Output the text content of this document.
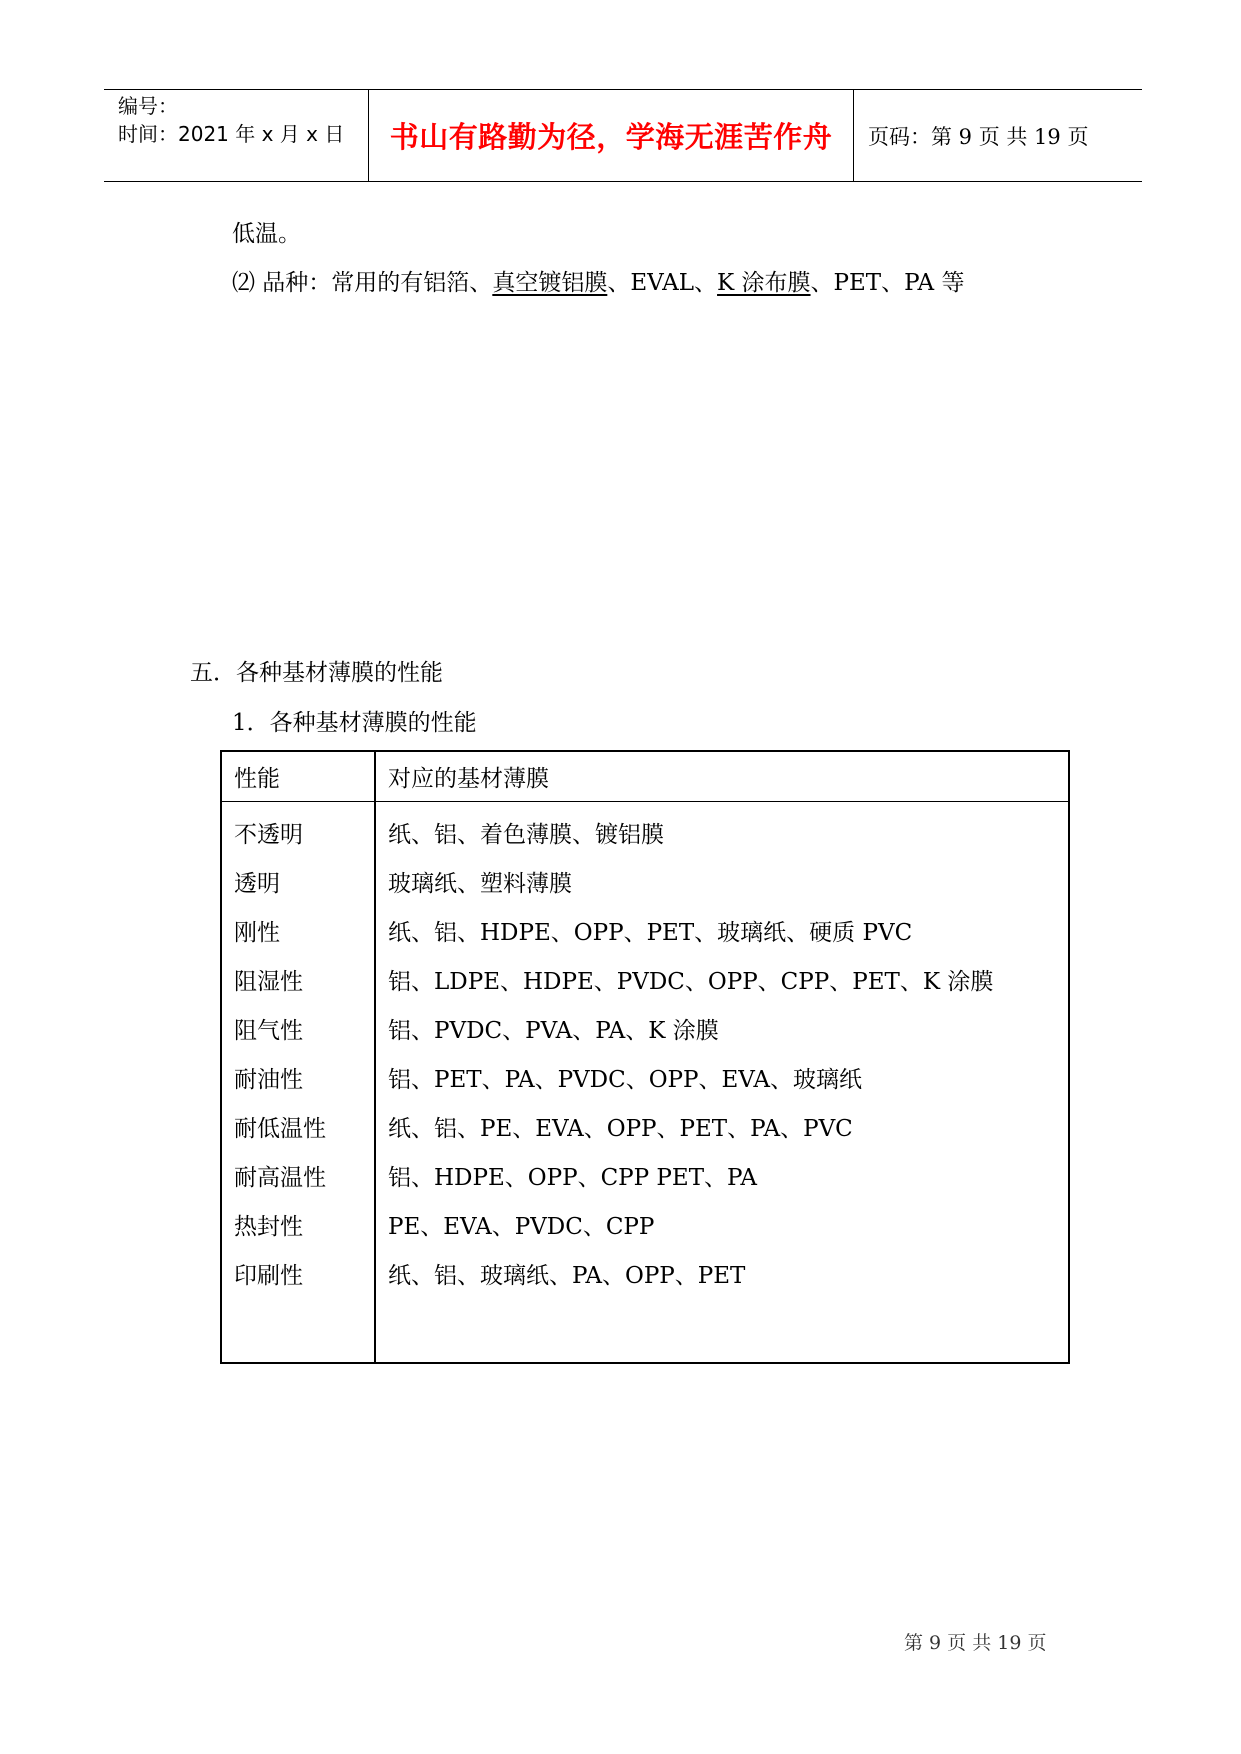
编号：
时间：2021 年 x 月 x 日	书山有路勤为径，学海无涯苦作舟	页码：第 9 页 共 19 页
低温。
⑵ 品种：常用的有铝箔、真空镀铝膜、EVAL、K 涂布膜、PET、PA 等
五．各种基材薄膜的性能
1．各种基材薄膜的性能
性能	对应的基材薄膜
不透明	纸、铝、着色薄膜、镀铝膜
透明	玻璃纸、塑料薄膜
刚性	纸、铝、HDPE、OPP、PET、玻璃纸、硬质 PVC
阻湿性	铝、LDPE、HDPE、PVDC、OPP、CPP、PET、K 涂膜
阻气性	铝、PVDC、PVA、PA、K 涂膜
耐油性	铝、PET、PA、PVDC、OPP、EVA、玻璃纸
耐低温性	纸、铝、PE、EVA、OPP、PET、PA、PVC
耐高温性	铝、HDPE、OPP、CPP PET、PA
热封性	PE、EVA、PVDC、CPP
印刷性	纸、铝、玻璃纸、PA、OPP、PET

第 9 页 共 19 页
